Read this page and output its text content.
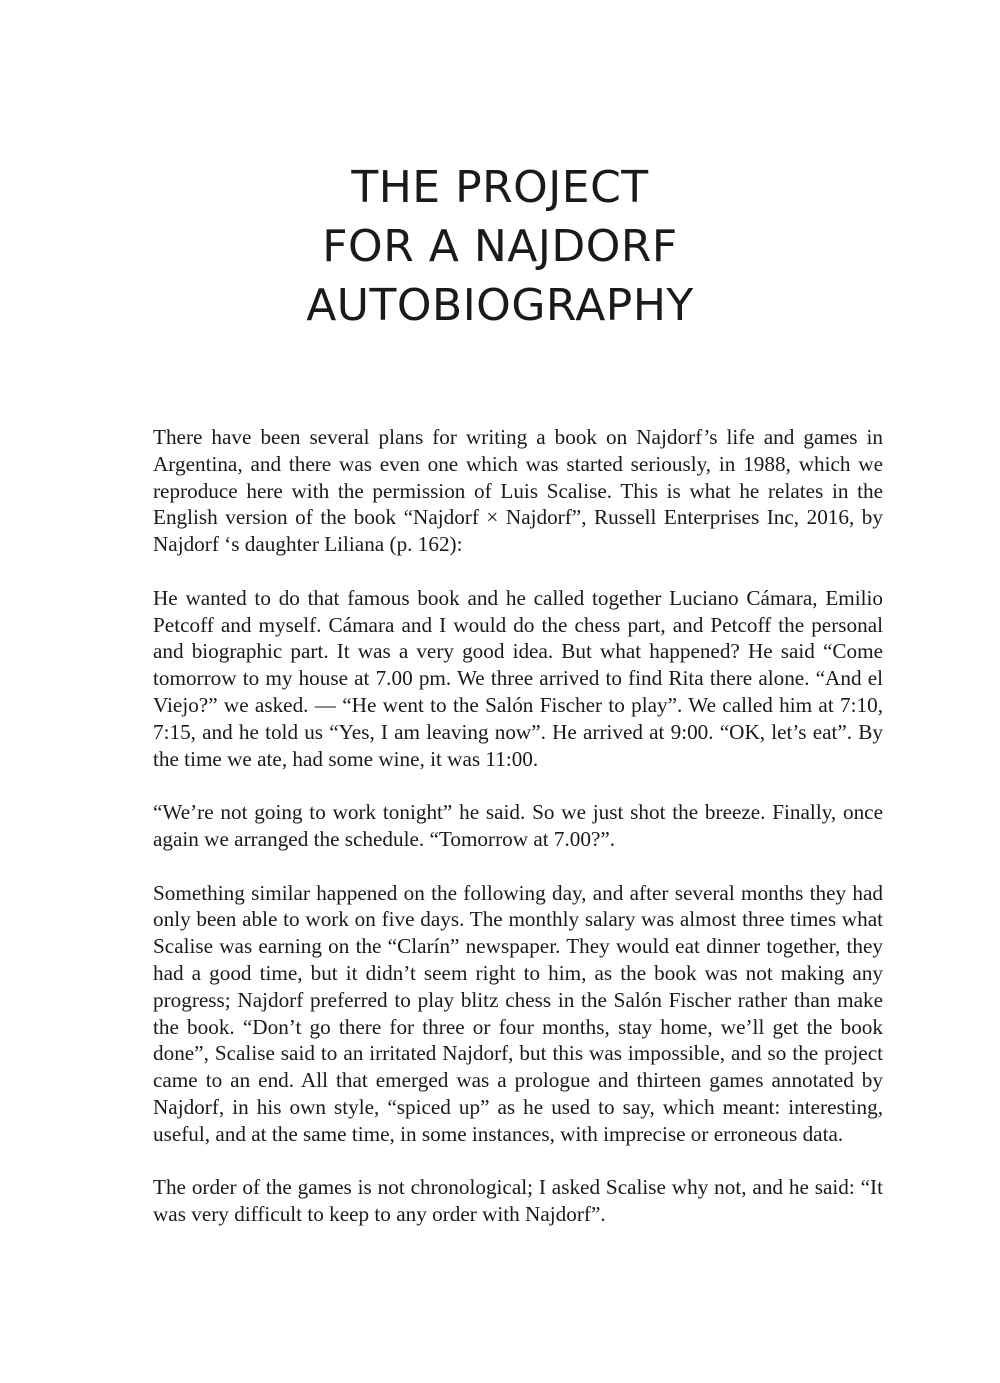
THE PROJECT
FOR A NAJDORF
AUTOBIOGRAPHY

There have been several plans for writing a book on Najdorf’s life and games in Argentina, and there was even one which was started seriously, in 1988, which we reproduce here with the permission of Luis Scalise. This is what he relates in the English version of the book “Najdorf × Najdorf”, Russell Enterprises Inc, 2016, by Najdorf ‘s daughter Liliana (p. 162):

He wanted to do that famous book and he called together Luciano Cámara, Emilio Petcoff and myself. Cámara and I would do the chess part, and Petcoff the personal and biographic part. It was a very good idea. But what happened? He said “Come tomorrow to my house at 7.00 pm. We three arrived to find Rita there alone. “And el Viejo?” we asked. — “He went to the Salón Fischer to play”. We called him at 7:10, 7:15, and he told us “Yes, I am leaving now”. He arrived at 9:00. “OK, let’s eat”. By the time we ate, had some wine, it was 11:00.

“We’re not going to work tonight” he said. So we just shot the breeze. Finally, once again we arranged the schedule. “Tomorrow at 7.00?”.

Something similar happened on the following day, and after several months they had only been able to work on five days. The monthly salary was almost three times what Scalise was earning on the “Clarín” newspaper. They would eat dinner together, they had a good time, but it didn’t seem right to him, as the book was not making any progress; Najdorf preferred to play blitz chess in the Salón Fischer rather than make the book. “Don’t go there for three or four months, stay home, we’ll get the book done”, Scalise said to an irritated Najdorf, but this was impossible, and so the project came to an end. All that emerged was a prologue and thirteen games annotated by Najdorf, in his own style, “spiced up” as he used to say, which meant: interesting, useful, and at the same time, in some instances, with imprecise or erroneous data.

The order of the games is not chronological; I asked Scalise why not, and he said: “It was very difficult to keep to any order with Najdorf”.
